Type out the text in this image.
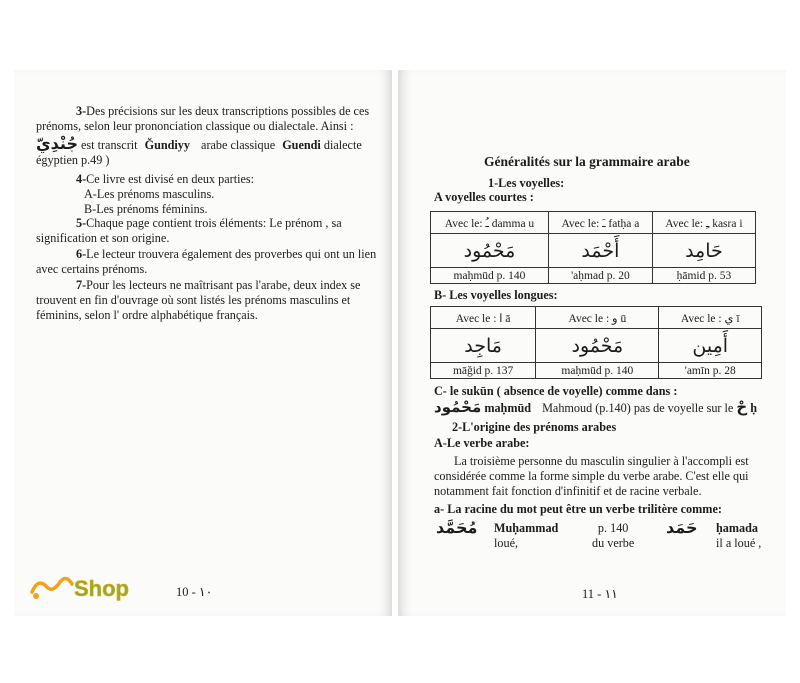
3-Des précisions sur les deux transcriptions possibles de ces

prénoms, selon leur prononciation classique ou dialectale. Ainsi :

جُنْدِيّ est transcrit Ğundiyy arabe classique Guendi dialecte

égyptien p.49 )

4-Ce livre est divisé en deux parties:

A-Les prénoms masculins.

B-Les prénoms féminins.

5-Chaque page contient trois éléments: Le prénom , sa

signification et son origine.

6-Le lecteur trouvera également des proverbes qui ont un lien

avec certains prénoms.

7-Pour les lecteurs ne maîtrisant pas l'arabe, deux index se

trouvent en fin d'ouvrage où sont listés les prénoms masculins et

féminins, selon l' ordre alphabétique français.

10 - ١٠
Shop
Généralités sur la grammaire arabe
1-Les voyelles:
A voyelles courtes :
Avec le: ـُ damma u	Avec le: ـَ fatḥa a	Avec le: ـِ kasra i
مَحْمُود	أَحْمَد	حَامِد
maḥmūd p. 140	'aḥmad p. 20	ḥāmid p. 53
B- Les voyelles longues:
Avec le : ا ā	Avec le : و ū	Avec le : ي ī
مَاجِد	مَحْمُود	أَمِين
māğid p. 137	maḥmūd p. 140	'amīn p. 28
C- le sukūn ( absence de voyelle) comme dans :
مَحْمُود maḥmūd Mahmoud (p.140) pas de voyelle sur le حْ ḥ
2-L'origine des prénoms arabes
A-Le verbe arabe:

La troisième personne du masculin singulier à l'accompli est

considérée comme la forme simple du verbe arabe. C'est elle qui

notamment fait fonction d'infinitif et de racine verbale.

a- La racine du mot peut être un verbe trilitère comme:
مُحَمَّد Muḥammad
loué,
p. 140
du verbe
حَمَد ḥamada
il a loué ,
11 - ١١
